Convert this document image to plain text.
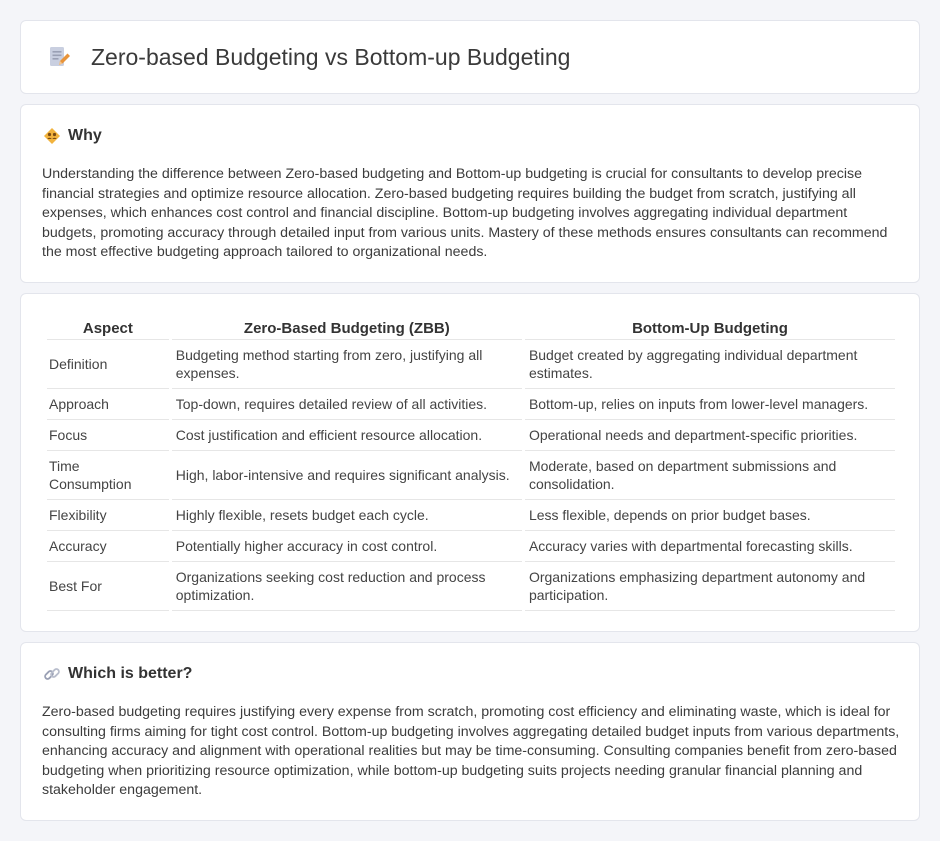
Zero-based Budgeting vs Bottom-up Budgeting
Why

Understanding the difference between Zero-based budgeting and Bottom-up budgeting is crucial for consultants to develop precise financial strategies and optimize resource allocation. Zero-based budgeting requires building the budget from scratch, justifying all expenses, which enhances cost control and financial discipline. Bottom-up budgeting involves aggregating individual department budgets, promoting accuracy through detailed input from various units. Mastery of these methods ensures consultants can recommend the most effective budgeting approach tailored to organizational needs.

Aspect	Zero-Based Budgeting (ZBB)	Bottom-Up Budgeting
Definition	Budgeting method starting from zero, justifying all expenses.	Budget created by aggregating individual department estimates.
Approach	Top-down, requires detailed review of all activities.	Bottom-up, relies on inputs from lower-level managers.
Focus	Cost justification and efficient resource allocation.	Operational needs and department-specific priorities.
Time Consumption	High, labor-intensive and requires significant analysis.	Moderate, based on department submissions and consolidation.
Flexibility	Highly flexible, resets budget each cycle.	Less flexible, depends on prior budget bases.
Accuracy	Potentially higher accuracy in cost control.	Accuracy varies with departmental forecasting skills.
Best For	Organizations seeking cost reduction and process optimization.	Organizations emphasizing department autonomy and participation.
Which is better?

Zero-based budgeting requires justifying every expense from scratch, promoting cost efficiency and eliminating waste, which is ideal for consulting firms aiming for tight cost control. Bottom-up budgeting involves aggregating detailed budget inputs from various departments, enhancing accuracy and alignment with operational realities but may be time-consuming. Consulting companies benefit from zero-based budgeting when prioritizing resource optimization, while bottom-up budgeting suits projects needing granular financial planning and stakeholder engagement.
